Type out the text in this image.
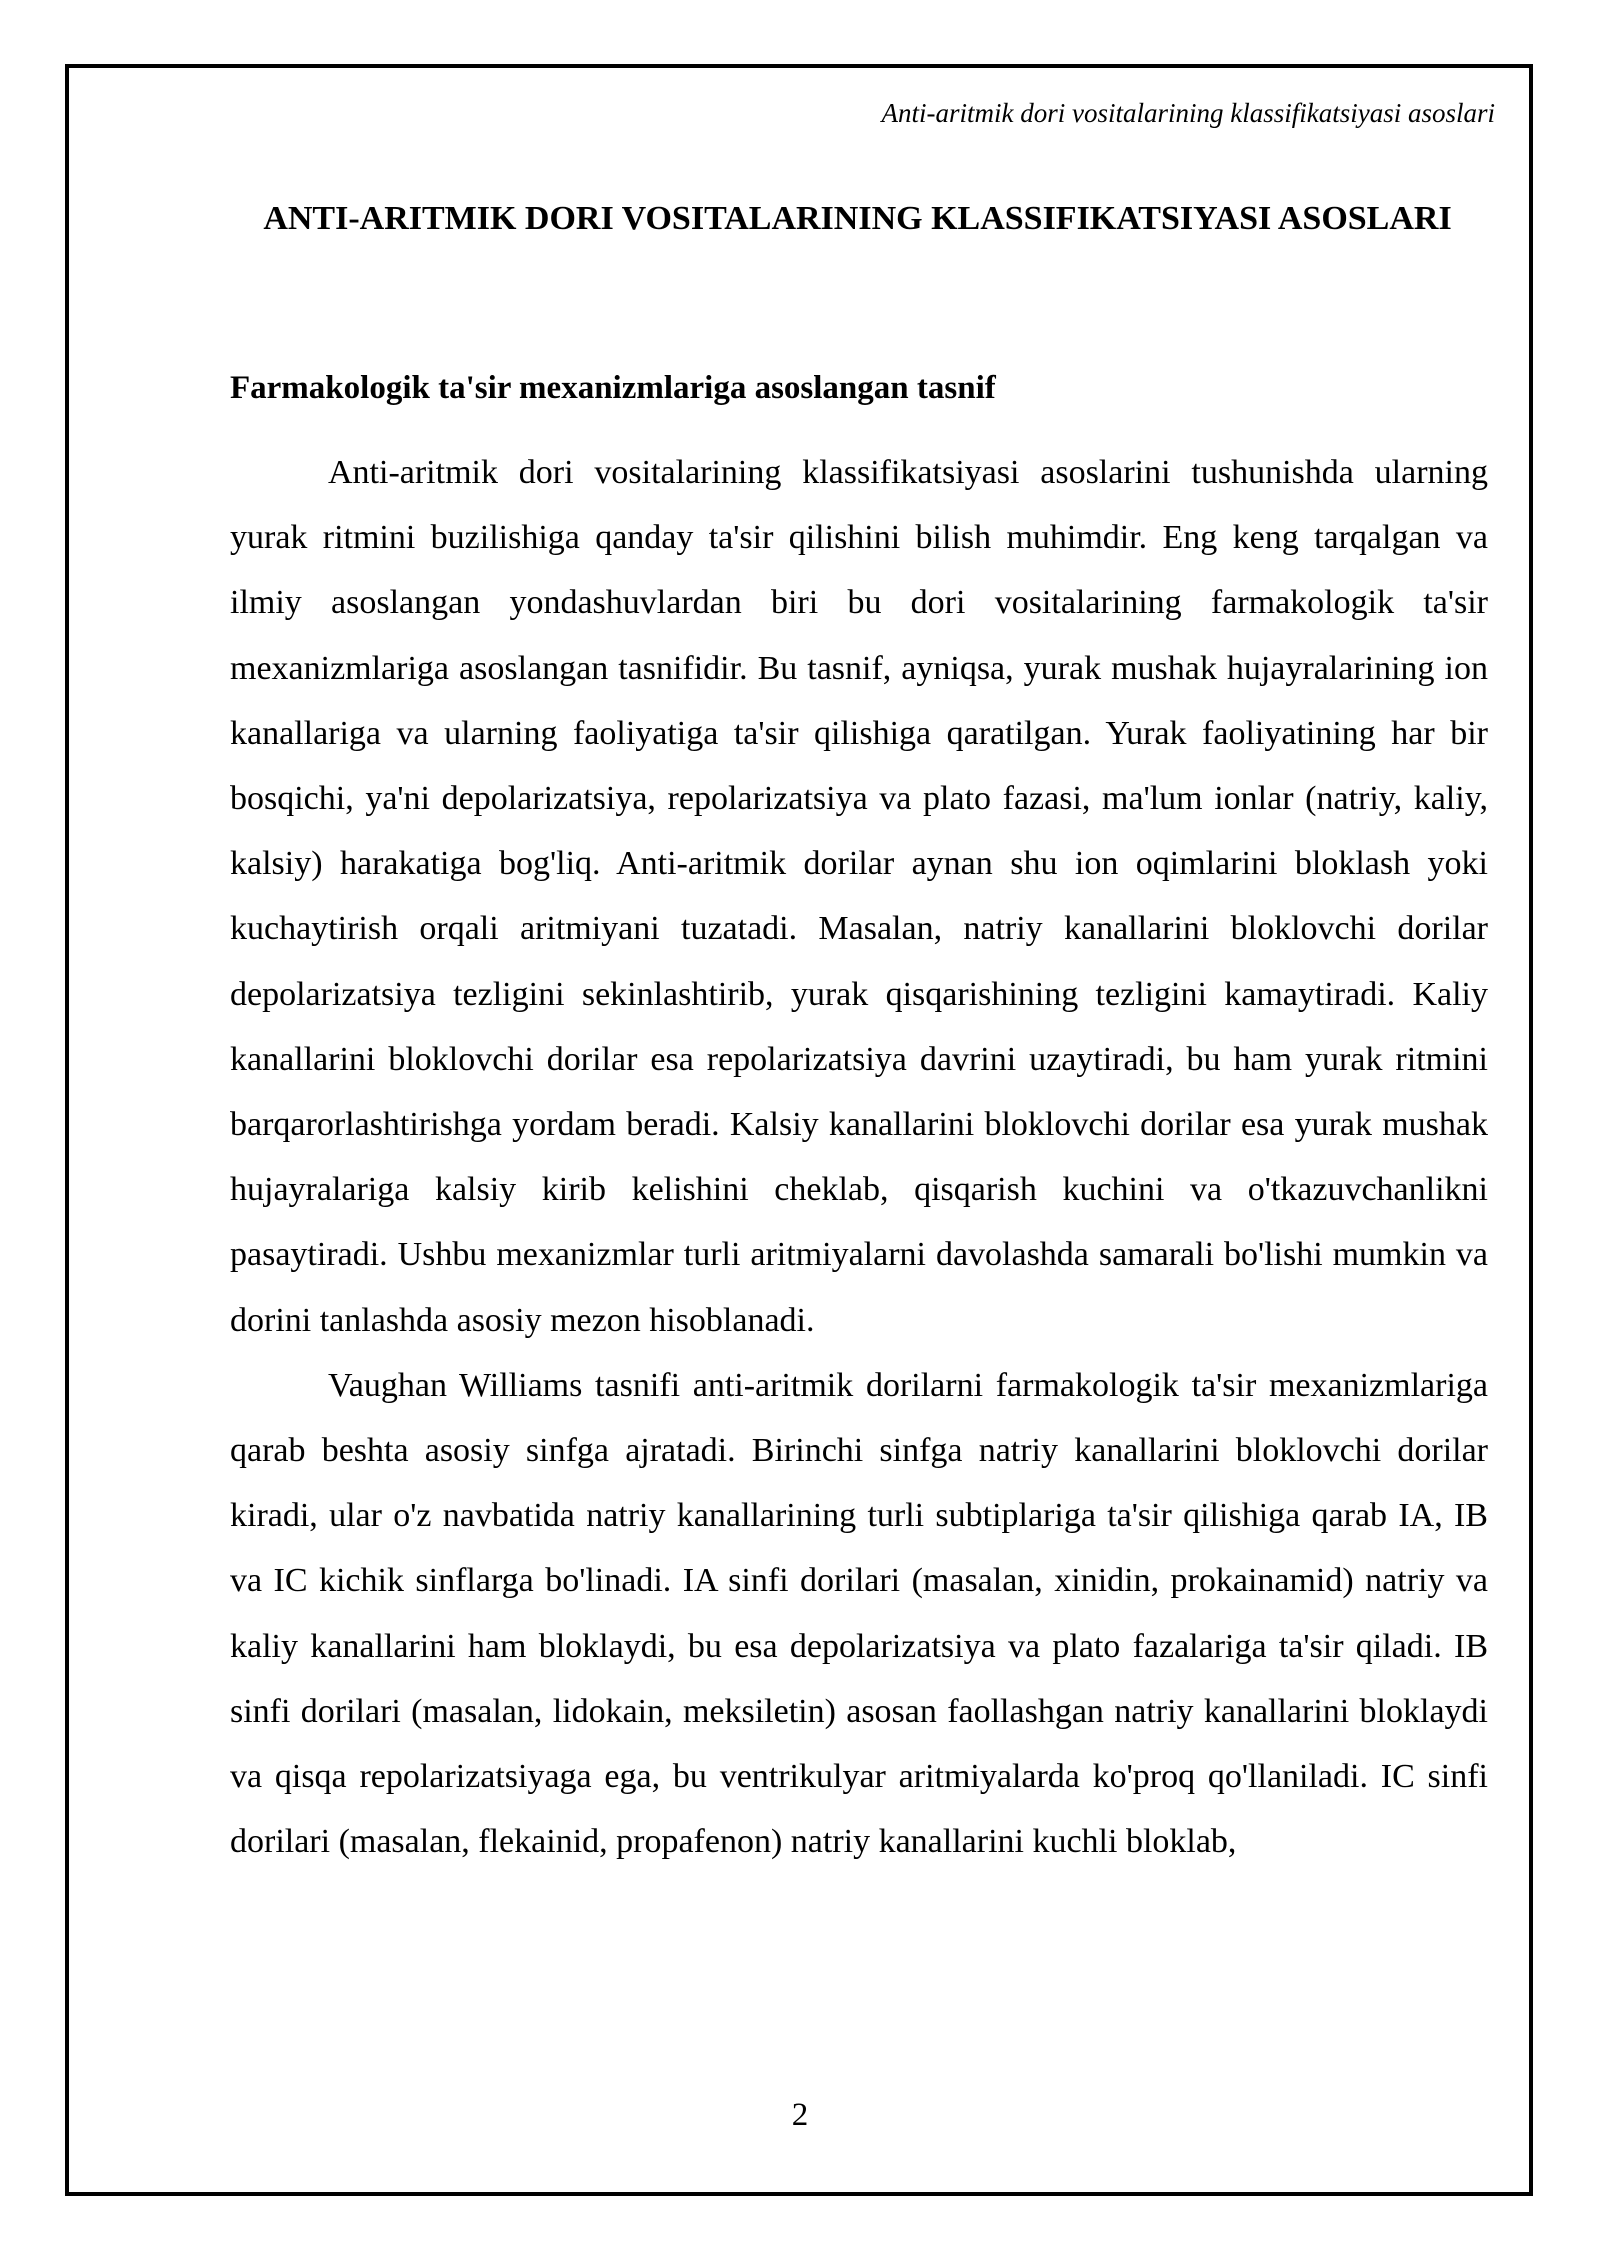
Anti-aritmik dori vositalarining klassifikatsiyasi asoslari
ANTI-ARITMIK DORI VOSITALARINING KLASSIFIKATSIYASI ASOSLARI
Farmakologik ta'sir mexanizmlariga asoslangan tasnif

Anti-aritmik dori vositalarining klassifikatsiyasi asoslarini tushunishda ularning yurak ritmini buzilishiga qanday ta'sir qilishini bilish muhimdir. Eng keng tarqalgan va ilmiy asoslangan yondashuvlardan biri bu dori vositalarining farmakologik ta'sir mexanizmlariga asoslangan tasnifidir. Bu tasnif, ayniqsa, yurak mushak hujayralarining ion kanallariga va ularning faoliyatiga ta'sir qilishiga qaratilgan. Yurak faoliyatining har bir bosqichi, ya'ni depolarizatsiya, repolarizatsiya va plato fazasi, ma'lum ionlar (natriy, kaliy, kalsiy) harakatiga bog'liq. Anti-aritmik dorilar aynan shu ion oqimlarini bloklash yoki kuchaytirish orqali aritmiyani tuzatadi. Masalan, natriy kanallarini bloklovchi dorilar depolarizatsiya tezligini sekinlashtirib, yurak qisqarishining tezligini kamaytiradi. Kaliy kanallarini bloklovchi dorilar esa repolarizatsiya davrini uzaytiradi, bu ham yurak ritmini barqarorlashtirishga yordam beradi. Kalsiy kanallarini bloklovchi dorilar esa yurak mushak hujayralariga kalsiy kirib kelishini cheklab, qisqarish kuchini va o'tkazuvchanlikni pasaytiradi. Ushbu mexanizmlar turli aritmiyalarni davolashda samarali bo'lishi mumkin va dorini tanlashda asosiy mezon hisoblanadi.

Vaughan Williams tasnifi anti-aritmik dorilarni farmakologik ta'sir mexanizmlariga qarab beshta asosiy sinfga ajratadi. Birinchi sinfga natriy kanallarini bloklovchi dorilar kiradi, ular o'z navbatida natriy kanallarining turli subtiplariga ta'sir qilishiga qarab IA, IB va IC kichik sinflarga bo'linadi. IA sinfi dorilari (masalan, xinidin, prokainamid) natriy va kaliy kanallarini ham bloklaydi, bu esa depolarizatsiya va plato fazalariga ta'sir qiladi. IB sinfi dorilari (masalan, lidokain, meksiletin) asosan faollashgan natriy kanallarini bloklaydi va qisqa repolarizatsiyaga ega, bu ventrikulyar aritmiyalarda ko'proq qo'llaniladi. IC sinfi dorilari (masalan, flekainid, propafenon) natriy kanallarini kuchli bloklab,

2
